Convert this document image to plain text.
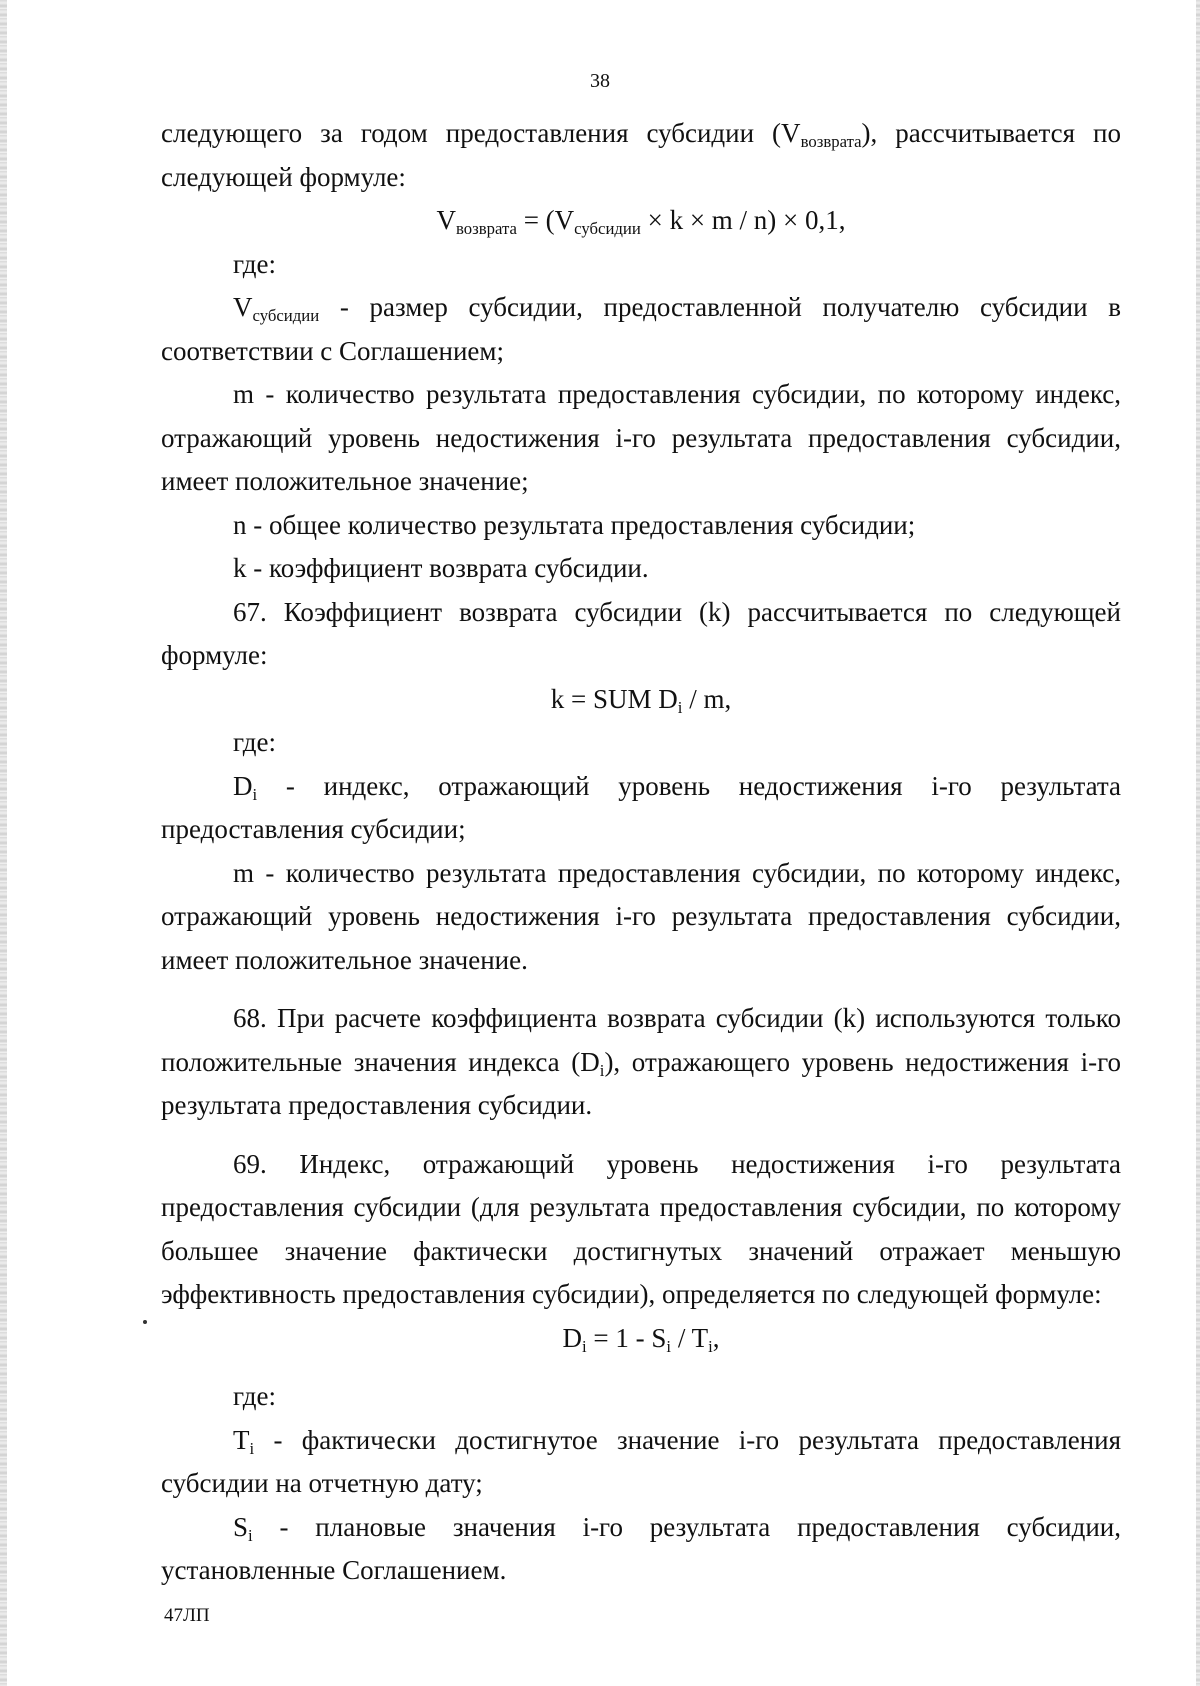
38

следующего за годом предоставления субсидии $(V_{возврата})$, рассчитывается по следующей формуле:

$V_{возврата} = (V_{субсидии} \times k \times m / n) \times 0,1$,

где:

$V_{субсидии}$ - размер субсидии, предоставленной получателю субсидии в соответствии с Соглашением;

m - количество результата предоставления субсидии, по которому индекс, отражающий уровень недостижения i-го результата предоставления субсидии, имеет положительное значение;

n - общее количество результата предоставления субсидии;

k - коэффициент возврата субсидии.

67. Коэффициент возврата субсидии (k) рассчитывается по следующей формуле:

k = SUM $D_i$ / m,

где:

$D_i$ - индекс, отражающий уровень недостижения i-го результата предоставления субсидии;

m - количество результата предоставления субсидии, по которому индекс, отражающий уровень недостижения i-го результата предоставления субсидии, имеет положительное значение.

68. При расчете коэффициента возврата субсидии (k) используются только положительные значения индекса $(D_i)$, отражающего уровень недостижения i-го результата предоставления субсидии.

69. Индекс, отражающий уровень недостижения i-го результата предоставления субсидии (для результата предоставления субсидии, по которому большее значение фактически достигнутых значений отражает меньшую эффективность предоставления субсидии), определяется по следующей формуле:

$D_i = 1 - S_i / T_i$,

где:

$T_i$ - фактически достигнутое значение i-го результата предоставления субсидии на отчетную дату;

$S_i$ - плановые значения i-го результата предоставления субсидии, установленные Соглашением.

47ЛП
